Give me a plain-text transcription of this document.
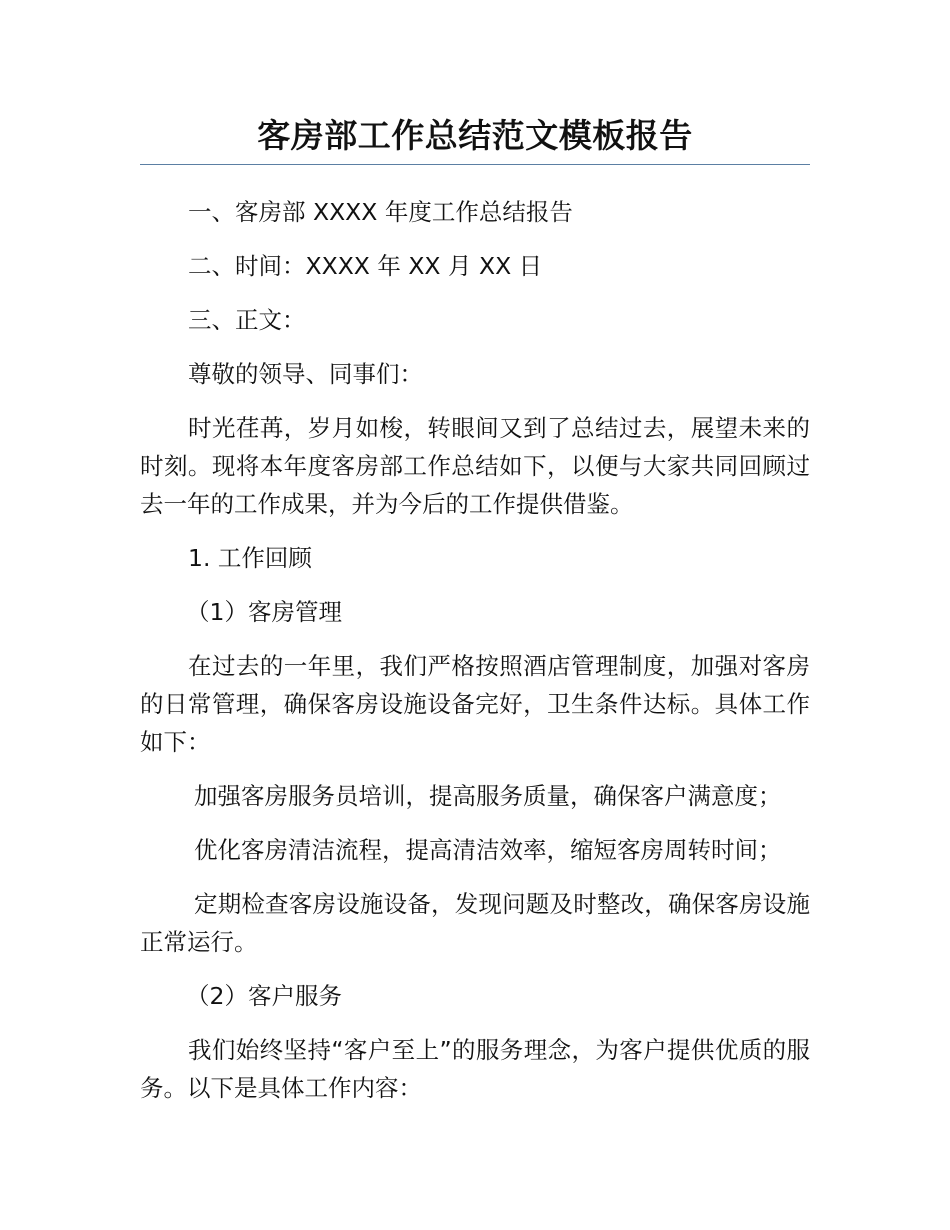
客房部工作总结范文模板报告

一、客房部 XXXX 年度工作总结报告

二、时间：XXXX 年 XX 月 XX 日

三、正文：

尊敬的领导、同事们：

时光荏苒，岁月如梭，转眼间又到了总结过去，展望未来的时刻。现将本年度客房部工作总结如下，以便与大家共同回顾过去一年的工作成果，并为今后的工作提供借鉴。

1. 工作回顾

（1）客房管理

在过去的一年里，我们严格按照酒店管理制度，加强对客房的日常管理，确保客房设施设备完好，卫生条件达标。具体工作如下：

加强客房服务员培训，提高服务质量，确保客户满意度；

优化客房清洁流程，提高清洁效率，缩短客房周转时间；

定期检查客房设施设备，发现问题及时整改，确保客房设施正常运行。

（2）客户服务

我们始终坚持“客户至上”的服务理念，为客户提供优质的服务。以下是具体工作内容：
